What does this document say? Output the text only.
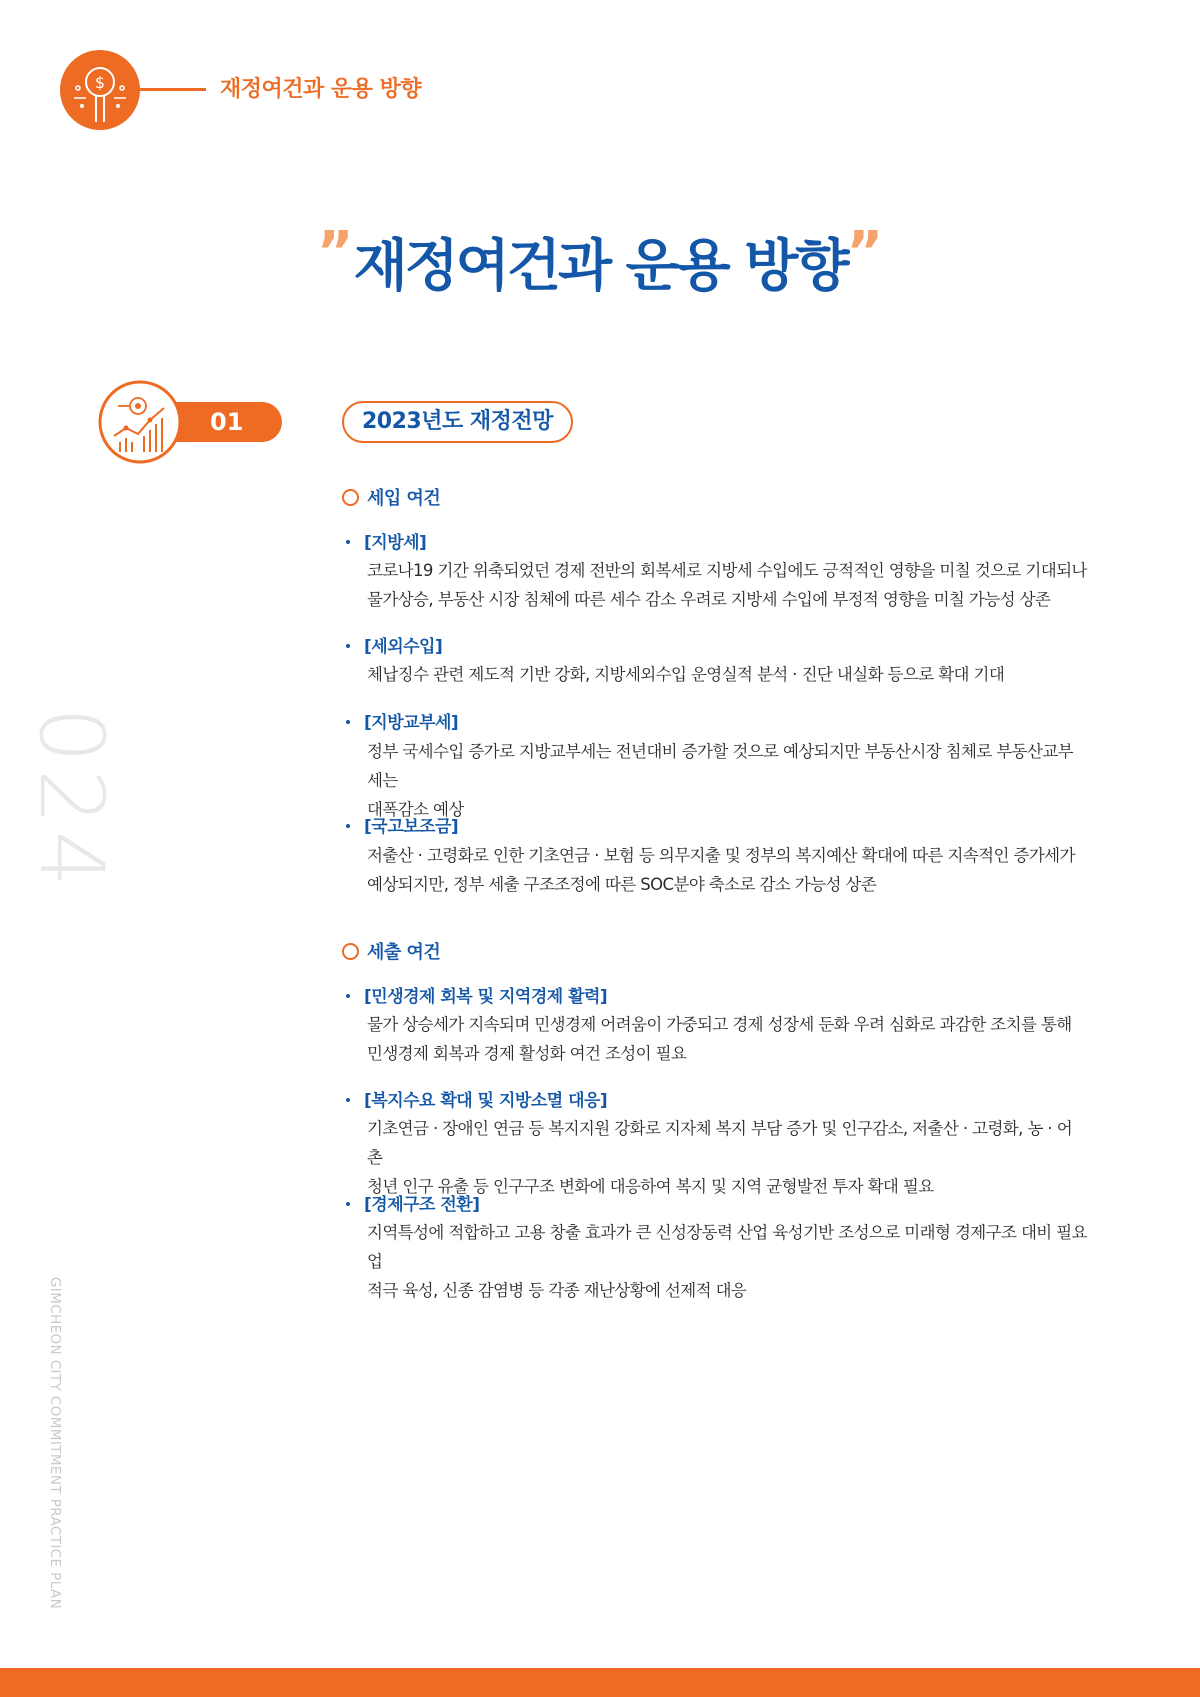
$	재정여건과 운용 방향
”재정여건과 운용 방향”
01	2023년도 재정전망
세입 여건
[지방세]
코로나19 기간 위축되었던 경제 전반의 회복세로 지방세 수입에도 긍적적인 영향을 미칠 것으로 기대되나
물가상승, 부동산 시장 침체에 따른 세수 감소 우려로 지방세 수입에 부정적 영향을 미칠 가능성 상존
[세외수입]
체납징수 관련 제도적 기반 강화, 지방세외수입 운영실적 분석 · 진단 내실화 등으로 확대 기대
[지방교부세]
정부 국세수입 증가로 지방교부세는 전년대비 증가할 것으로 예상되지만 부동산시장 침체로 부동산교부세는
대폭감소 예상
[국고보조금]
저출산 · 고령화로 인한 기초연금 · 보험 등 의무지출 및 정부의 복지예산 확대에 따른 지속적인 증가세가
예상되지만, 정부 세출 구조조정에 따른 SOC분야 축소로 감소 가능성 상존
세출 여건
[민생경제 회복 및 지역경제 활력]
물가 상승세가 지속되며 민생경제 어려움이 가중되고 경제 성장세 둔화 우려 심화로 과감한 조치를 통해
민생경제 회복과 경제 활성화 여건 조성이 필요
[복지수요 확대 및 지방소멸 대응]
기초연금 · 장애인 연금 등 복지지원 강화로 지자체 복지 부담 증가 및 인구감소, 저출산 · 고령화, 농 · 어촌
청년 인구 유출 등 인구구조 변화에 대응하여 복지 및 지역 균형발전 투자 확대 필요
[경제구조 전환]
지역특성에 적합하고 고용 창출 효과가 큰 신성장동력 산업 육성기반 조성으로 미래형 경제구조 대비 필요 업
적극 육성, 신종 감염병 등 각종 재난상황에 선제적 대응
024
GIMCHEON CITY COMMITMENT PRACTICE PLAN
